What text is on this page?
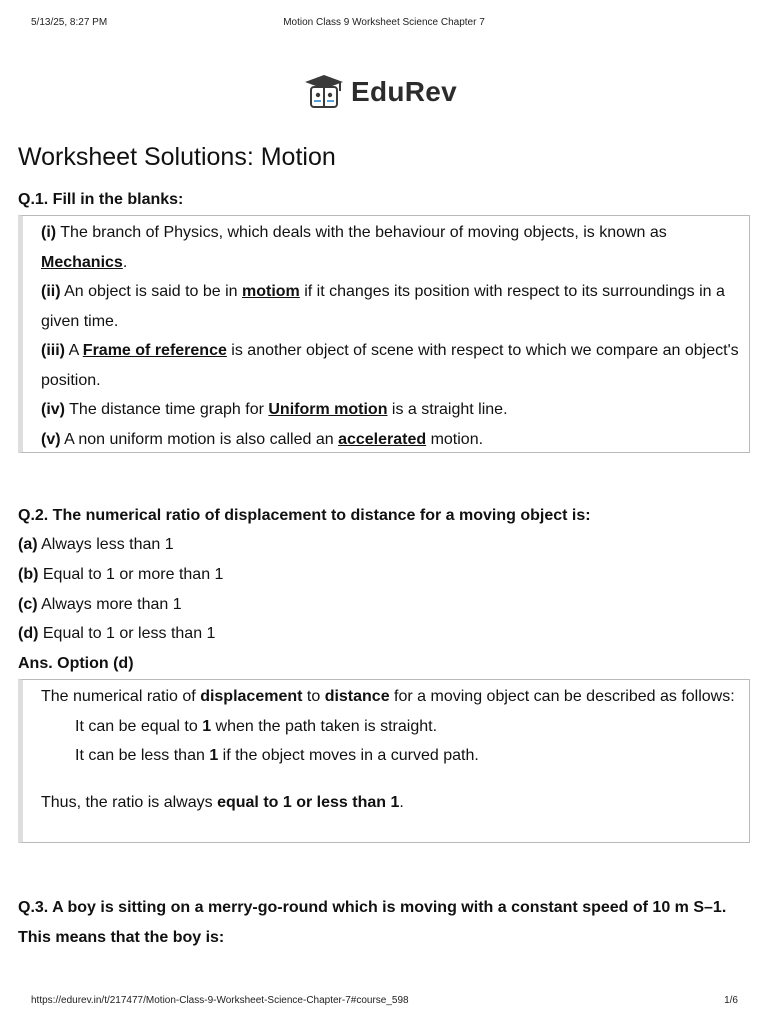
5/13/25, 8:27 PM	Motion Class 9 Worksheet Science Chapter 7
EduRev
Worksheet Solutions: Motion

Q.1. Fill in the blanks:

(i) The branch of Physics, which deals with the behaviour of moving objects, is known as Mechanics.

(ii) An object is said to be in motiom if it changes its position with respect to its surroundings in a given time.

(iii) A Frame of reference is another object of scene with respect to which we compare an object's position.

(iv) The distance time graph for Uniform motion is a straight line.

(v) A non uniform motion is also called an accelerated motion.

Q.2. The numerical ratio of displacement to distance for a moving object is:

(a) Always less than 1

(b) Equal to 1 or more than 1

(c) Always more than 1

(d) Equal to 1 or less than 1

Ans. Option (d)

The numerical ratio of displacement to distance for a moving object can be described as follows:

It can be equal to 1 when the path taken is straight.

It can be less than 1 if the object moves in a curved path.

Thus, the ratio is always equal to 1 or less than 1.

Q.3. A boy is sitting on a merry-go-round which is moving with a constant speed of 10 m S–1. This means that the boy is:

https://edurev.in/t/217477/Motion-Class-9-Worksheet-Science-Chapter-7#course_598	1/6
